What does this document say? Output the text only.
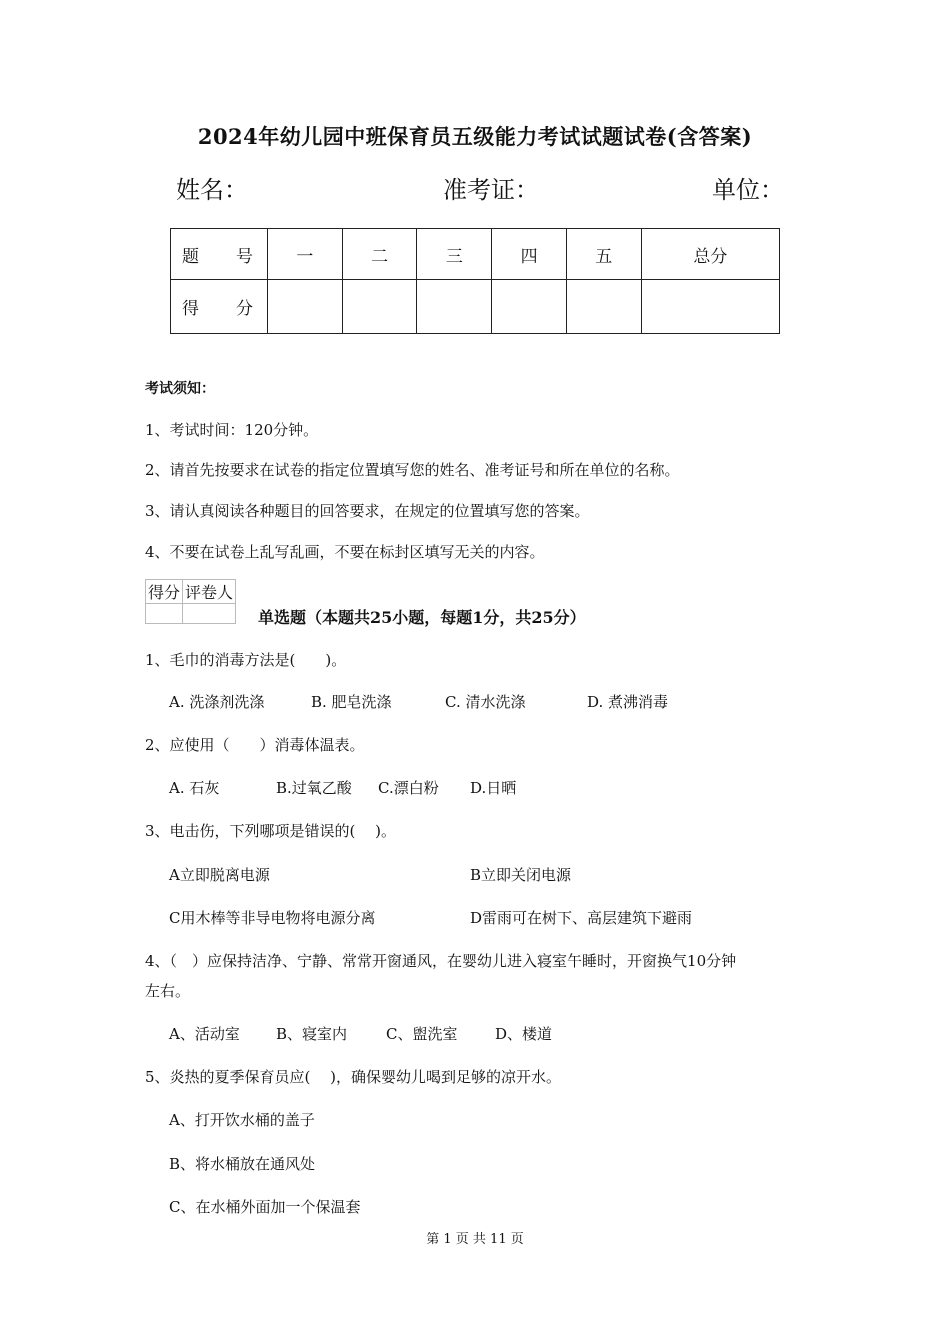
2024年幼儿园中班保育员五级能力考试试题试卷(含答案)
姓名：	准考证：	单位：
题　号	一	二	三	四	五	总分
得　分						
考试须知：
1、考试时间：120分钟。
2、请首先按要求在试卷的指定位置填写您的姓名、准考证号和所在单位的名称。
3、请认真阅读各种题目的回答要求，在规定的位置填写您的答案。
4、不要在试卷上乱写乱画，不要在标封区填写无关的内容。
得分	评卷人

单选题（本题共25小题，每题1分，共25分）
1、毛巾的消毒方法是(　　)。
A. 洗涤剂洗涤	B. 肥皂洗涤	C. 清水洗涤	D. 煮沸消毒
2、应使用（　　）消毒体温表。
A. 石灰	B.过氧乙酸 C.漂白粉 D.日晒
3、电击伤，下列哪项是错误的(　 )。
A立即脱离电源	B立即关闭电源
C用木棒等非导电物将电源分离	D雷雨可在树下、高层建筑下避雨
4、（　）应保持洁净、宁静、常常开窗通风，在婴幼儿进入寝室午睡时，开窗换气10分钟
左右。
A、活动室 B、寝室内	C、盥洗室	D、楼道
5、炎热的夏季保育员应(　 )，确保婴幼儿喝到足够的凉开水。
A、打开饮水桶的盖子
B、将水桶放在通风处
C、在水桶外面加一个保温套
第 1 页 共 11 页
